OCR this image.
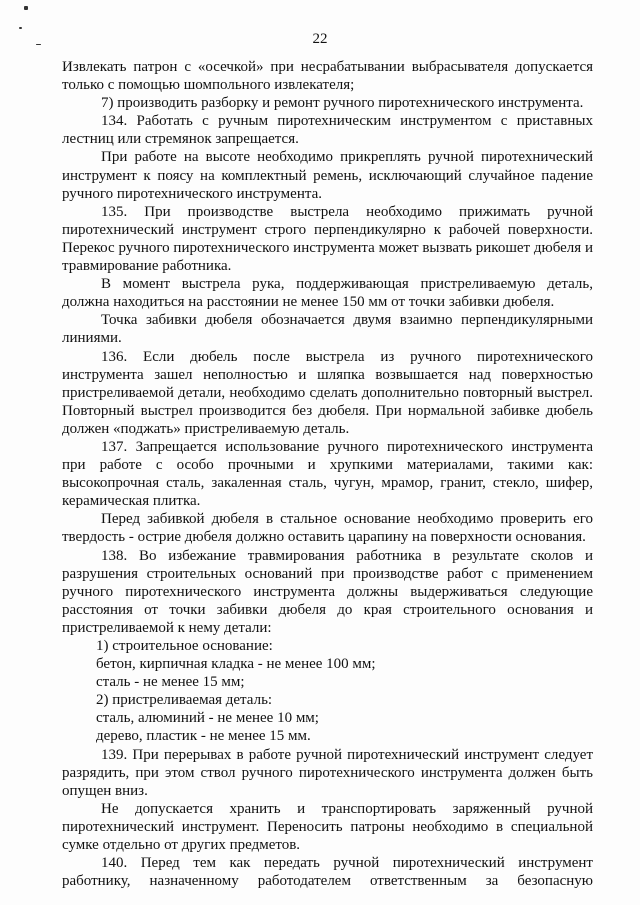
22

Извлекать патрон с «осечкой» при несрабатывании выбрасывателя допускается только с помощью шомпольного извлекателя;

7) производить разборку и ремонт ручного пиротехнического инструмента.

134. Работать с ручным пиротехническим инструментом с приставных лестниц или стремянок запрещается.

При работе на высоте необходимо прикреплять ручной пиротехнический инструмент к поясу на комплектный ремень, исключающий случайное падение ручного пиротехнического инструмента.

135. При производстве выстрела необходимо прижимать ручной пиротехнический инструмент строго перпендикулярно к рабочей поверхности. Перекос ручного пиротехнического инструмента может вызвать рикошет дюбеля и травмирование работника.

В момент выстрела рука, поддерживающая пристреливаемую деталь, должна находиться на расстоянии не менее 150 мм от точки забивки дюбеля.

Точка забивки дюбеля обозначается двумя взаимно перпендикулярными линиями.

136. Если дюбель после выстрела из ручного пиротехнического инструмента зашел неполностью и шляпка возвышается над поверхностью пристреливаемой детали, необходимо сделать дополнительно повторный выстрел. Повторный выстрел производится без дюбеля. При нормальной забивке дюбель должен «поджать» пристреливаемую деталь.

137. Запрещается использование ручного пиротехнического инструмента при работе с особо прочными и хрупкими материалами, такими как: высокопрочная сталь, закаленная сталь, чугун, мрамор, гранит, стекло, шифер, керамическая плитка.

Перед забивкой дюбеля в стальное основание необходимо проверить его твердость - острие дюбеля должно оставить царапину на поверхности основания.

138. Во избежание травмирования работника в результате сколов и разрушения строительных оснований при производстве работ с применением ручного пиротехнического инструмента должны выдерживаться следующие расстояния от точки забивки дюбеля до края строительного основания и пристреливаемой к нему детали:

1) строительное основание:

бетон, кирпичная кладка - не менее 100 мм;

сталь - не менее 15 мм;

2) пристреливаемая деталь:

сталь, алюминий - не менее 10 мм;

дерево, пластик - не менее 15 мм.

139. При перерывах в работе ручной пиротехнический инструмент следует разрядить, при этом ствол ручного пиротехнического инструмента должен быть опущен вниз.

Не допускается хранить и транспортировать заряженный ручной пиротехнический инструмент. Переносить патроны необходимо в специальной сумке отдельно от других предметов.

140. Перед тем как передать ручной пиротехнический инструмент работнику, назначенному работодателем ответственным за безопасную
